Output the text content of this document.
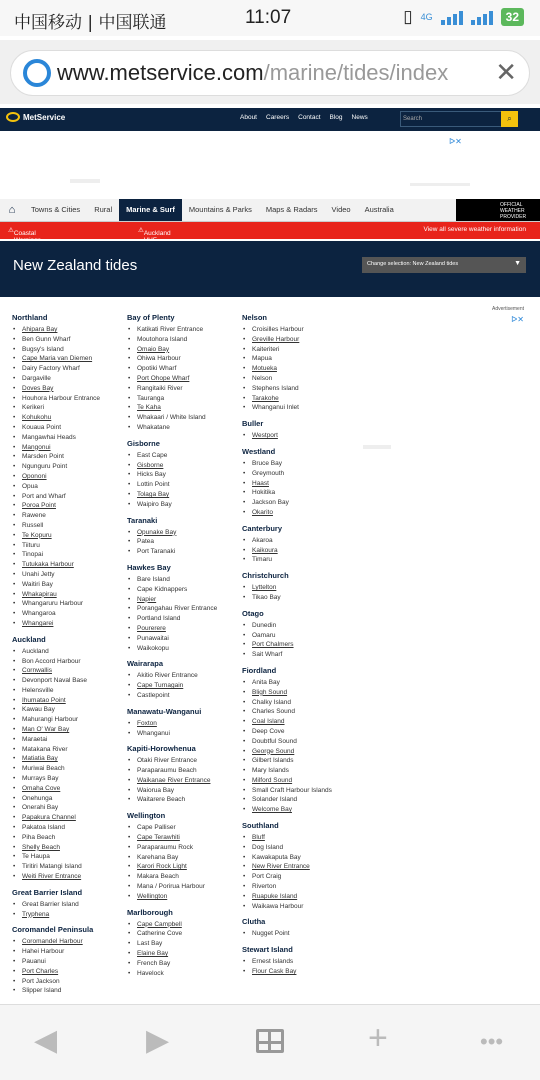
中国移动 | 中国联通	11:07	▯ 4G	32
www.metservice.com/marine/tides/index ✕
MetService	About Careers Contact Blog News	Search	⌕
ᐅ✕
⌂	Towns & Cities	Rural	Marine & Surf	Mountains & Parks	Maps & Radars	Video	Australia	OFFICIAL
WEATHER
PROVIDER
⚠ Coastal	⚠ Auckland
View all severe weather information
New Zealand tides	Change selection: New Zealand tides	▼
Advertisement
ᐅ✕
Northland
• Ahipara Bay
• Ben Gunn Wharf
• Bugsy's Island
• Cape Maria van Diemen
• Dairy Factory Wharf
• Dargaville
• Doves Bay
• Houhora Harbour Entrance
• Kerikeri
• Kohukohu
• Kouaua Point
• Mangawhai Heads
• Mangonui
• Marsden Point
• Ngunguru Point
• Opononi
• Opua
• Port and Wharf
• Poroa Point
• Rawene
• Russell
• Te Kopuru
• Tiituru
• Tinopai
• Tutukaka Harbour
• Unahi Jetty
• Waitiri Bay
• Whakapirau
• Whangaruru Harbour
• Whangaroa
• Whangarei
Auckland
• Auckland
• Bon Accord Harbour
• Cornwallis
• Devonport Naval Base
• Helensville
• Ihumatao Point
• Kawau Bay
• Mahurangi Harbour
• Man O' War Bay
• Maraetai
• Matakana River
• Matiatia Bay
• Muriwai Beach
• Murrays Bay
• Omaha Cove
• Onehunga
• Onerahi Bay
• Papakura Channel
• Pakatoa Island
• Piha Beach
• Shelly Beach
• Te Haupa
• Tiritiri Matangi Island
• Weiti River Entrance
Great Barrier Island
• Great Barrier Island
• Tryphena
Coromandel Peninsula
• Coromandel Harbour
• Hahei Harbour
• Pauanui
• Port Charles
• Port Jackson
• Slipper Island
Bay of Plenty
• Katikati River Entrance
• Moutohora Island
• Omaio Bay
• Ohiwa Harbour
• Opotiki Wharf
• Port Ohope Wharf
• Rangitaiki River
• Tauranga
• Te Kaha
• Whakaari / White Island
• Whakatane
Gisborne
• East Cape
• Gisborne
• Hicks Bay
• Lottin Point
• Tolaga Bay
• Waipiro Bay
Taranaki
• Opunake Bay
• Patea
• Port Taranaki
Hawkes Bay
• Bare Island
• Cape Kidnappers
• Napier
• Porangahau River Entrance
• Portland Island
• Pourerere
• Punawaitai
• Waikokopu
Wairarapa
• Akitio River Entrance
• Cape Turnagain
• Castlepoint
Manawatu-Wanganui
• Foxton
• Whanganui
Kapiti-Horowhenua
• Otaki River Entrance
• Paraparaumu Beach
• Waikanae River Entrance
• Waiorua Bay
• Waitarere Beach
Wellington
• Cape Palliser
• Cape Terawhiti
• Paraparaumu Rock
• Karehana Bay
• Karori Rock Light
• Makara Beach
• Mana / Porirua Harbour
• Wellington
Marlborough
• Cape Campbell
• Catherine Cove
• Last Bay
• Elaine Bay
• French Bay
• Havelock
Nelson
• Croisilles Harbour
• Greville Harbour
• Kaiteriteri
• Mapua
• Motueka
• Nelson
• Stephens Island
• Tarakohe
• Whanganui Inlet
Buller
• Westport
Westland
• Bruce Bay
• Greymouth
• Haast
• Hokitika
• Jackson Bay
• Okarito
Canterbury
• Akaroa
• Kaikoura
• Timaru
Christchurch
• Lyttelton
• Tikao Bay
Otago
• Dunedin
• Oamaru
• Port Chalmers
• Sait Wharf
Fiordland
• Anita Bay
• Bligh Sound
• Chalky Island
• Charles Sound
• Coal Island
• Deep Cove
• Doubtful Sound
• George Sound
• Gilbert Islands
• Mary Islands
• Milford Sound
• Small Craft Harbour Islands
• Solander Island
• Welcome Bay
Southland
• Bluff
• Dog Island
• Kawakaputa Bay
• New River Entrance
• Port Craig
• Riverton
• Ruapuke Island
• Waikawa Harbour
Clutha
• Nugget Point
Stewart Island
• Ernest Islands
• Flour Cask Bay
◀	▶	+	•••
